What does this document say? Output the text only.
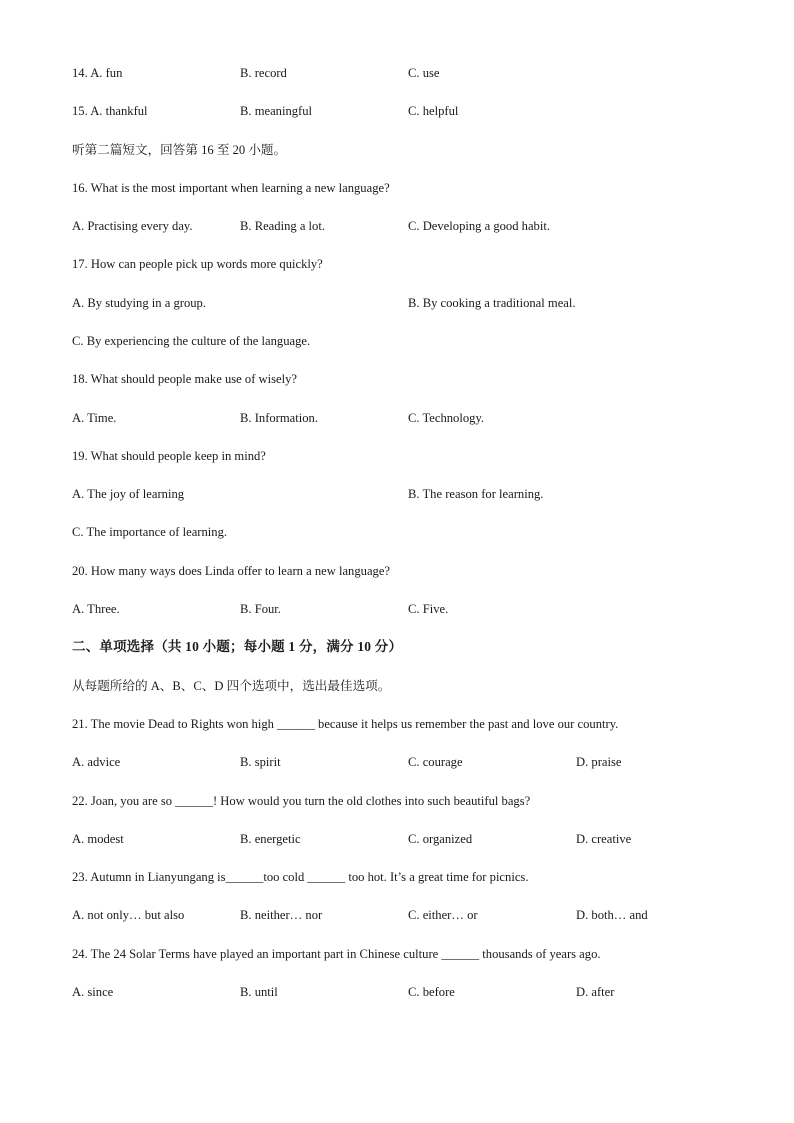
14. A. fun	B. record	C. use
15. A. thankful	B. meaningful	C. helpful
听第二篇短文，回答第 16 至 20 小题。
16. What is the most important when learning a new language?
A. Practising every day.	B. Reading a lot.	C. Developing a good habit.
17. How can people pick up words more quickly?
A. By studying in a group.	B. By cooking a traditional meal.
C. By experiencing the culture of the language.
18. What should people make use of wisely?
A. Time.	B. Information.	C. Technology.
19. What should people keep in mind?
A. The joy of learning	B. The reason for learning.
C. The importance of learning.
20. How many ways does Linda offer to learn a new language?
A. Three.	B. Four.	C. Five.
二、单项选择（共 10 小题；每小题 1 分，满分 10 分）
从每题所给的 A、B、C、D 四个选项中，选出最佳选项。
21. The movie Dead to Rights won high ______ because it helps us remember the past and love our country.
A. advice	B. spirit	C. courage	D. praise
22. Joan, you are so ______! How would you turn the old clothes into such beautiful bags?
A. modest	B. energetic	C. organized	D. creative
23. Autumn in Lianyungang is______too cold ______ too hot. It’s a great time for picnics.
A. not only… but also	B. neither… nor	C. either… or	D. both… and
24. The 24 Solar Terms have played an important part in Chinese culture ______ thousands of years ago.
A. since	B. until	C. before	D. after
